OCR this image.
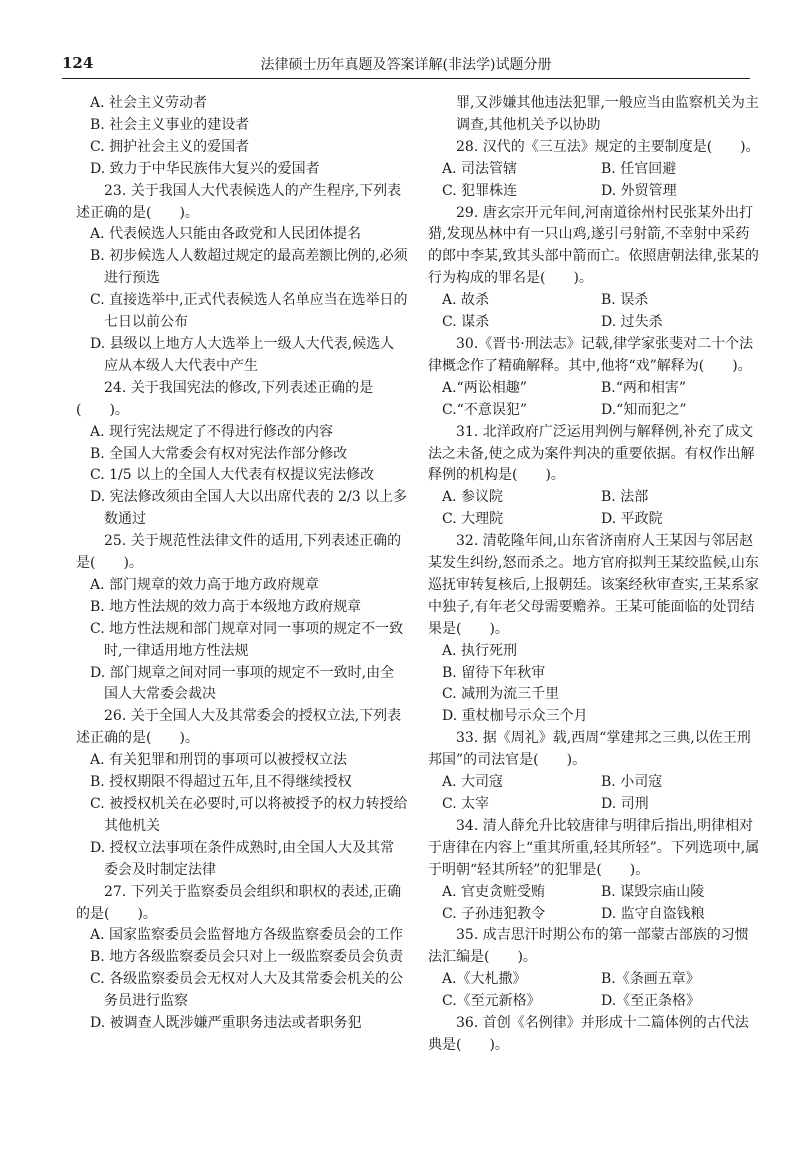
124	法律硕士历年真题及答案详解(非法学)试题分册
A. 社会主义劳动者
B. 社会主义事业的建设者
C. 拥护社会主义的爱国者
D. 致力于中华民族伟大复兴的爱国者
23. 关于我国人大代表候选人的产生程序,下列表述正确的是(　　)。
A. 代表候选人只能由各政党和人民团体提名
B. 初步候选人人数超过规定的最高差额比例的,必须进行预选
C. 直接选举中,正式代表候选人名单应当在选举日的七日以前公布
D. 县级以上地方人大选举上一级人大代表,候选人应从本级人大代表中产生
24. 关于我国宪法的修改,下列表述正确的是
(　　)。
A. 现行宪法规定了不得进行修改的内容
B. 全国人大常委会有权对宪法作部分修改
C. 1/5 以上的全国人大代表有权提议宪法修改
D. 宪法修改须由全国人大以出席代表的 2/3 以上多数通过
25. 关于规范性法律文件的适用,下列表述正确的是(　　)。
A. 部门规章的效力高于地方政府规章
B. 地方性法规的效力高于本级地方政府规章
C. 地方性法规和部门规章对同一事项的规定不一致时,一律适用地方性法规
D. 部门规章之间对同一事项的规定不一致时,由全国人大常委会裁决
26. 关于全国人大及其常委会的授权立法,下列表述正确的是(　　)。
A. 有关犯罪和刑罚的事项可以被授权立法
B. 授权期限不得超过五年,且不得继续授权
C. 被授权机关在必要时,可以将被授予的权力转授给其他机关
D. 授权立法事项在条件成熟时,由全国人大及其常委会及时制定法律
27. 下列关于监察委员会组织和职权的表述,正确的是(　　)。
A. 国家监察委员会监督地方各级监察委员会的工作
B. 地方各级监察委员会只对上一级监察委员会负责
C. 各级监察委员会无权对人大及其常委会机关的公务员进行监察
D. 被调查人既涉嫌严重职务违法或者职务犯
罪,又涉嫌其他违法犯罪,一般应当由监察机关为主调查,其他机关予以协助
28. 汉代的《三互法》规定的主要制度是(　　)。
A. 司法管辖	B. 任官回避
C. 犯罪株连	D. 外贸管理
29. 唐玄宗开元年间,河南道徐州村民张某外出打猎,发现丛林中有一只山鸡,遂引弓射箭,不幸射中采药的郎中李某,致其头部中箭而亡。依照唐朝法律,张某的行为构成的罪名是(　　)。
A. 故杀	B. 误杀
C. 谋杀	D. 过失杀
30.《晋书·刑法志》记载,律学家张斐对二十个法律概念作了精确解释。其中,他将“戏”解释为(　　)。
A.“两讼相趣”	B.“两和相害”
C.“不意误犯”	D.“知而犯之”
31. 北洋政府广泛运用判例与解释例,补充了成文法之未备,使之成为案件判决的重要依据。有权作出解释例的机构是(　　)。
A. 参议院	B. 法部
C. 大理院	D. 平政院
32. 清乾隆年间,山东省济南府人王某因与邻居赵某发生纠纷,怒而杀之。地方官府拟判王某绞监候,山东巡抚审转复核后,上报朝廷。该案经秋审查实,王某系家中独子,有年老父母需要赡养。王某可能面临的处罚结果是(　　)。
A. 执行死刑
B. 留待下年秋审
C. 减刑为流三千里
D. 重杖枷号示众三个月
33. 据《周礼》载,西周“掌建邦之三典,以佐王刑邦国”的司法官是(　　)。
A. 大司寇	B. 小司寇
C. 太宰	D. 司刑
34. 清人薛允升比较唐律与明律后指出,明律相对于唐律在内容上“重其所重,轻其所轻”。下列选项中,属于明朝“轻其所轻”的犯罪是(　　)。
A. 官吏贪赃受贿	B. 谋毁宗庙山陵
C. 子孙违犯教令	D. 监守自盗钱粮
35. 成吉思汗时期公布的第一部蒙古部族的习惯法汇编是(　　)。
A.《大札撒》	B.《条画五章》
C.《至元新格》	D.《至正条格》
36. 首创《名例律》并形成十二篇体例的古代法典是(　　)。
